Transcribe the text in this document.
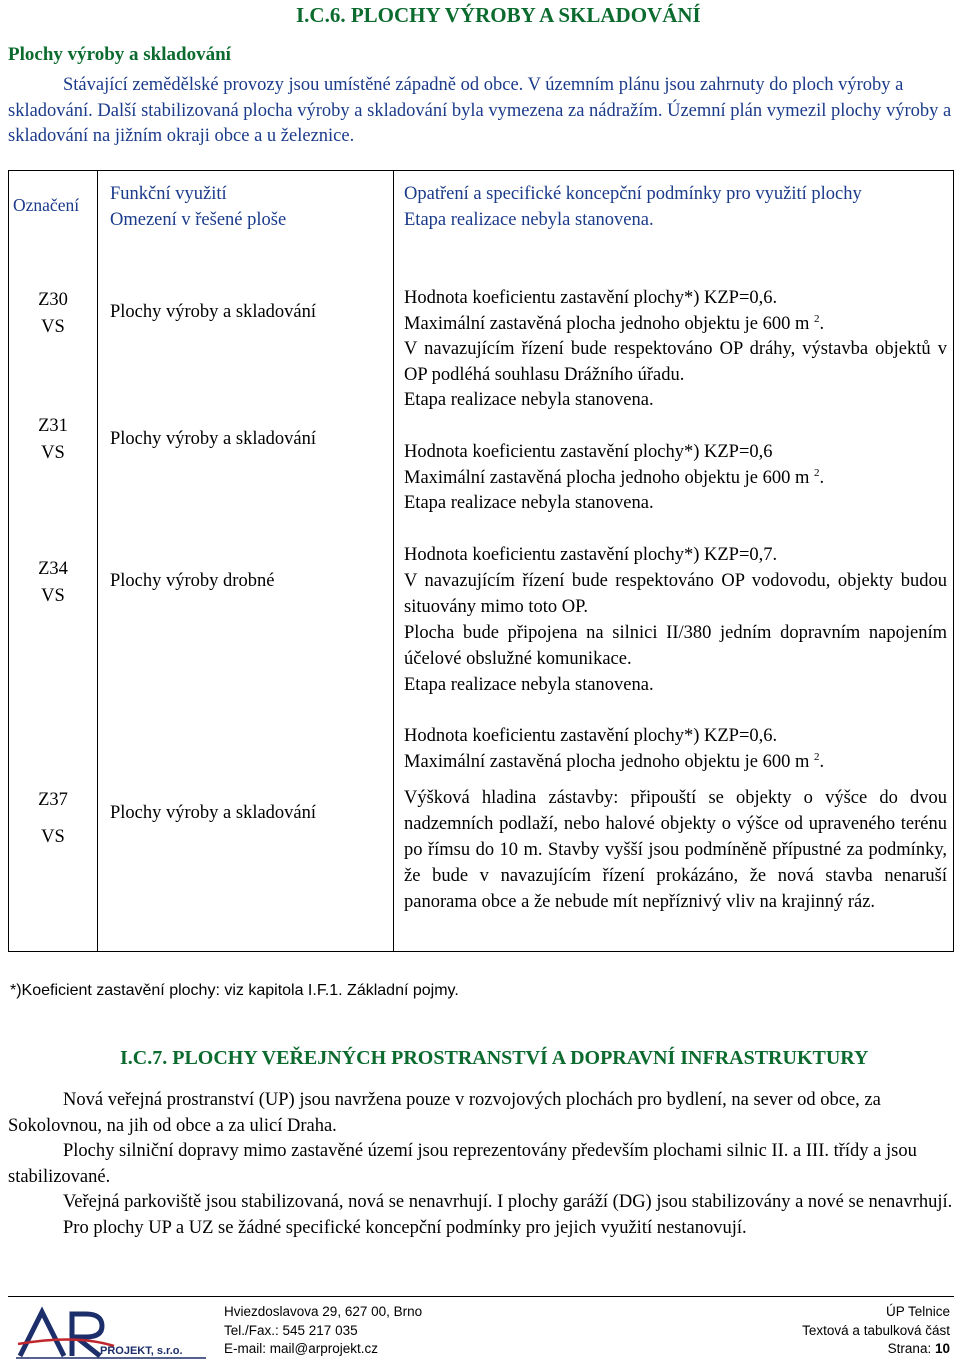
I.C.6. PLOCHY VÝROBY A SKLADOVÁNÍ
Plochy výroby a skladování
Stávající zemědělské provozy jsou umístěné západně od obce. V územním plánu jsou zahrnuty do ploch výroby a skladování. Další stabilizovaná plocha výroby a skladování byla vymezena za nádražím. Územní plán vymezil plochy výroby a skladování na jižním okraji obce a u železnice.
Označení
Funkční využití
Omezení v řešené ploše
Opatření a specifické koncepční podmínky pro využití plochy
Etapa realizace nebyla stanovena.
Z30
VS
Plochy výroby a skladování
Hodnota koeficientu zastavění plochy*) KZP=0,6.
Maximální zastavěná plocha jednoho objektu je 600 m $^2$.
V navazujícím řízení bude respektováno OP dráhy, výstavba objektů v OP podléhá souhlasu Drážního úřadu.
Etapa realizace nebyla stanovena.
Z31
VS
Plochy výroby a skladování
Hodnota koeficientu zastavění plochy*) KZP=0,6
Maximální zastavěná plocha jednoho objektu je 600 m $^2$.
Etapa realizace nebyla stanovena.
Z34
VS
Plochy výroby drobné
Hodnota koeficientu zastavění plochy*) KZP=0,7.
V navazujícím řízení bude respektováno OP vodovodu, objekty budou situovány mimo toto OP.
Plocha bude připojena na silnici II/380 jedním dopravním napojením účelové obslužné komunikace.
Etapa realizace nebyla stanovena.
Z37
VS
Plochy výroby a skladování
Hodnota koeficientu zastavění plochy*) KZP=0,6.
Maximální zastavěná plocha jednoho objektu je 600 m $^2$.
Výšková hladina zástavby: připouští se objekty o výšce do dvou nadzemních podlaží, nebo halové objekty o výšce od upraveného terénu po římsu do 10 m. Stavby vyšší jsou podmíněně přípustné za podmínky, že bude v navazujícím řízení prokázáno, že nová stavba nenaruší panorama obce a že nebude mít nepříznivý vliv na krajinný ráz.
*)Koeficient zastavění plochy: viz kapitola I.F.1. Základní pojmy.
I.C.7. PLOCHY VEŘEJNÝCH PROSTRANSTVÍ A DOPRAVNÍ INFRASTRUKTURY
Nová veřejná prostranství (UP) jsou navržena pouze v rozvojových plochách pro bydlení, na sever od obce, za Sokolovnou, na jih od obce a za ulicí Draha.
Plochy silniční dopravy mimo zastavěné území jsou reprezentovány především plochami silnic II. a III. třídy a jsou stabilizované.
Veřejná parkoviště jsou stabilizovaná, nová se nenavrhují. I plochy garáží (DG) jsou stabilizovány a nové se nenavrhují.
Pro plochy UP a UZ se žádné specifické koncepční podmínky pro jejich využití nestanovují.
PROJEKT, s.r.o.
Hviezdoslavova 29, 627 00, Brno
Tel./Fax.: 545 217 035
E-mail: mail@arprojekt.cz
ÚP Telnice
Textová a tabulková část
Strana: 10
